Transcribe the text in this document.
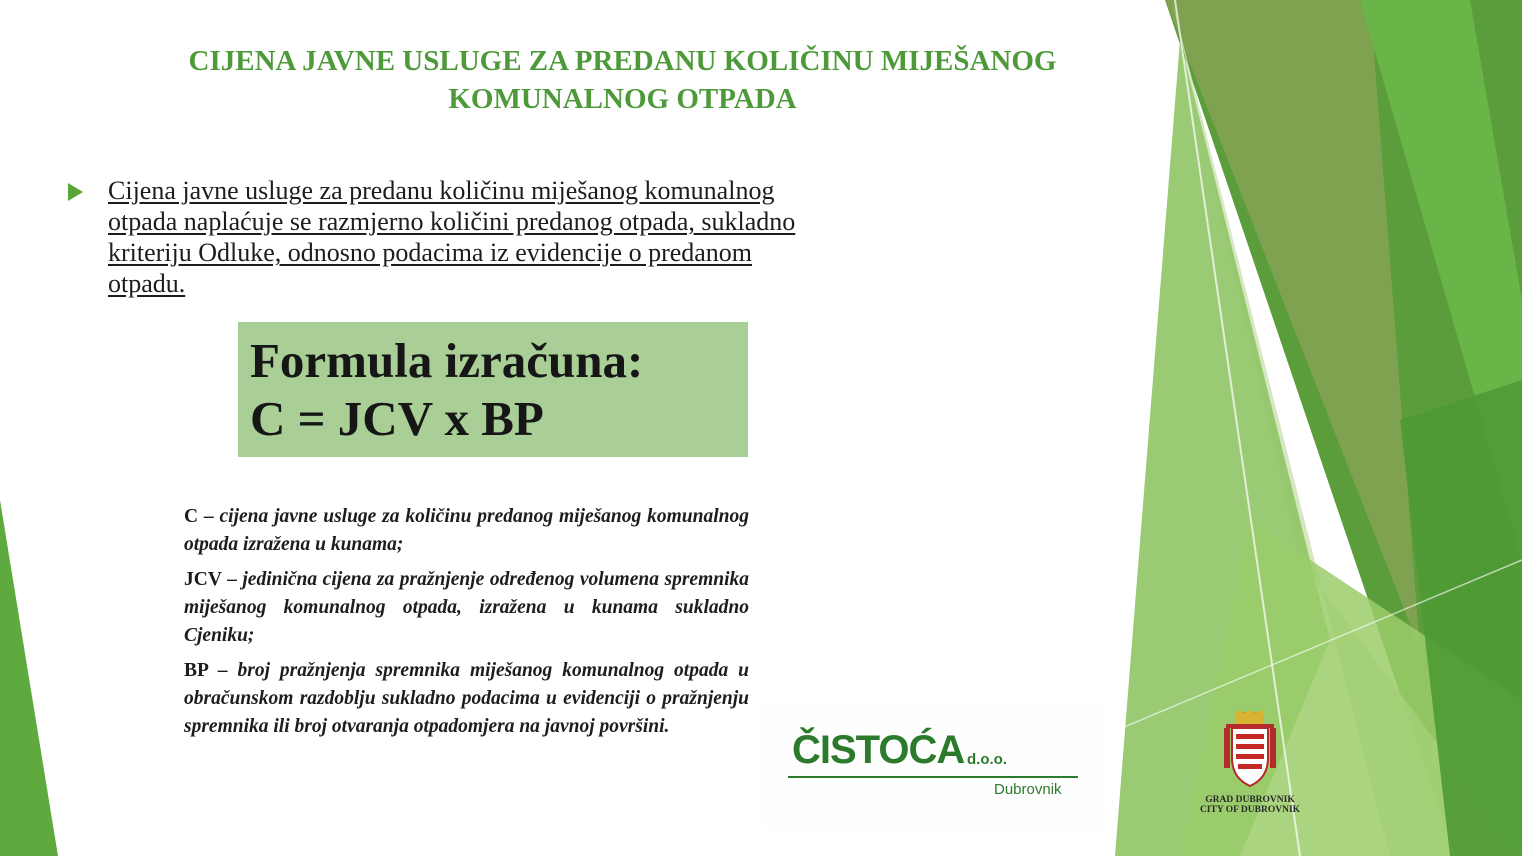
CIJENA JAVNE USLUGE ZA PREDANU KOLIČINU MIJEŠANOG
KOMUNALNOG OTPADA

Cijena javne usluge za predanu količinu miješanog komunalnog
otpada naplaćuje se razmjerno količini predanog otpada, sukladno
kriteriju Odluke, odnosno podacima iz evidencije o predanom
otpadu.

Formula izračuna:
C = JCV x BP

C – cijena javne usluge za količinu predanog miješanog komunalnog otpada izražena u kunama;

JCV – jedinična cijena za pražnjenje određenog volumena spremnika miješanog komunalnog otpada, izražena u kunama sukladno Cjeniku;

BP – broj pražnjenja spremnika miješanog komunalnog otpada u obračunskom razdoblju sukladno podacima u evidenciji o pražnjenju spremnika ili broj otvaranja otpadomjera na javnoj površini.

ČISTOĆA d.o.o.
Dubrovnik
GRAD DUBROVNIK
CITY OF DUBROVNIK
